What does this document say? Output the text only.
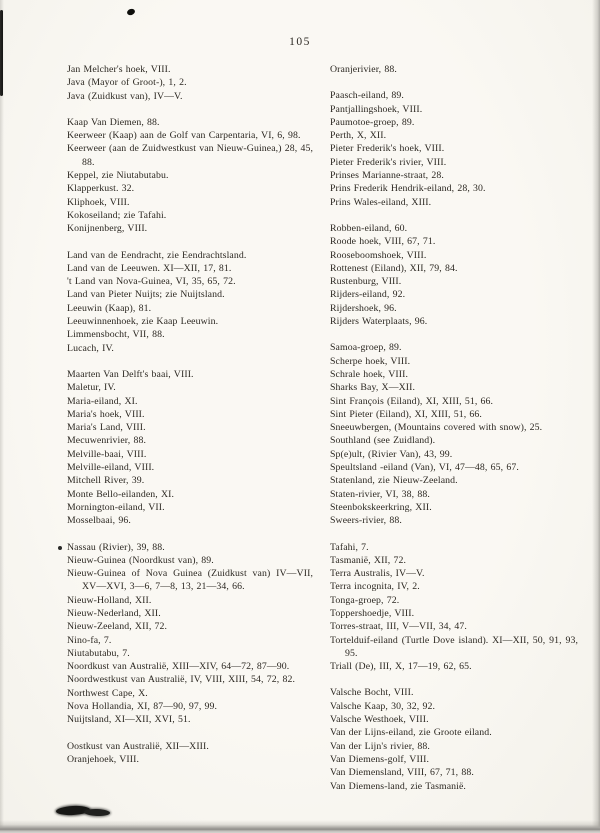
105
Jan Melcher's hoek, VIII.
Java (Mayor of Groot-), 1, 2.
Java (Zuidkust van), IV—V.
Kaap Van Diemen, 88.
Keerweer (Kaap) aan de Golf van Carpentaria, VI, 6, 98.
Keerweer (aan de Zuidwestkust van Nieuw-Guinea,) 28, 45, 88.
Keppel, zie Niutabutabu.
Klapperkust. 32.
Kliphoek, VIII.
Kokoseiland; zie Tafahi.
Konijnenberg, VIII.
Land van de Eendracht, zie Eendrachtsland.
Land van de Leeuwen. XI—XII, 17, 81.
't Land van Nova-Guinea, VI, 35, 65, 72.
Land van Pieter Nuijts; zie Nuijtsland.
Leeuwin (Kaap), 81.
Leeuwinnenhoek, zie Kaap Leeuwin.
Limmensbocht, VII, 88.
Lucach, IV.
Maarten Van Delft's baai, VIII.
Maletur, IV.
Maria-eiland, XI.
Maria's hoek, VIII.
Maria's Land, VIII.
Mecuwenrivier, 88.
Melville-baai, VIII.
Melville-eiland, VIII.
Mitchell River, 39.
Monte Bello-eilanden, XI.
Mornington-eiland, VII.
Mosselbaai, 96.
Nassau (Rivier), 39, 88.
Nieuw-Guinea (Noordkust van), 89.
Nieuw-Guinea of Nova Guinea (Zuidkust van) IV—VII, XV—XVI, 3—6, 7—8, 13, 21—34, 66.
Nieuw-Holland, XII.
Nieuw-Nederland, XII.
Nieuw-Zeeland, XII, 72.
Nino-fa, 7.
Niutabutabu, 7.
Noordkust van Australië, XIII—XIV, 64—72, 87—90.
Noordwestkust van Australië, IV, VIII, XIII, 54, 72, 82.
Northwest Cape, X.
Nova Hollandia, XI, 87—90, 97, 99.
Nuijtsland, XI—XII, XVI, 51.
Oostkust van Australië, XII—XIII.
Oranjehoek, VIII.
Oranjerivier, 88.
Paasch-eiland, 89.
Pantjallingshoek, VIII.
Paumotoe-groep, 89.
Perth, X, XII.
Pieter Frederik's hoek, VIII.
Pieter Frederik's rivier, VIII.
Prinses Marianne-straat, 28.
Prins Frederik Hendrik-eiland, 28, 30.
Prins Wales-eiland, XIII.
Robben-eiland, 60.
Roode hoek, VIII, 67, 71.
Rooseboomshoek, VIII.
Rottenest (Eiland), XII, 79, 84.
Rustenburg, VIII.
Rijders-eiland, 92.
Rijdershoek, 96.
Rijders Waterplaats, 96.
Samoa-groep, 89.
Scherpe hoek, VIII.
Schrale hoek, VIII.
Sharks Bay, X—XII.
Sint François (Eiland), XI, XIII, 51, 66.
Sint Pieter (Eiland), XI, XIII, 51, 66.
Sneeuwbergen, (Mountains covered with snow), 25.
Southland (see Zuidland).
Sp(e)ult, (Rivier Van), 43, 99.
Speultsland -eiland (Van), VI, 47—48, 65, 67.
Statenland, zie Nieuw-Zeeland.
Staten-rivier, VI, 38, 88.
Steenbokskeerkring, XII.
Sweers-rivier, 88.
Tafahi, 7.
Tasmanië, XII, 72.
Terra Australis, IV—V.
Terra incognita, IV, 2.
Tonga-groep, 72.
Toppershoedje, VIII.
Torres-straat, III, V—VII, 34, 47.
Tortelduif-eiland (Turtle Dove island). XI—XII, 50, 91, 93, 95.
Triall (De), III, X, 17—19, 62, 65.
Valsche Bocht, VIII.
Valsche Kaap, 30, 32, 92.
Valsche Westhoek, VIII.
Van der Lijns-eiland, zie Groote eiland.
Van der Lijn's rivier, 88.
Van Diemens-golf, VIII.
Van Diemensland, VIII, 67, 71, 88.
Van Diemens-land, zie Tasmanië.
